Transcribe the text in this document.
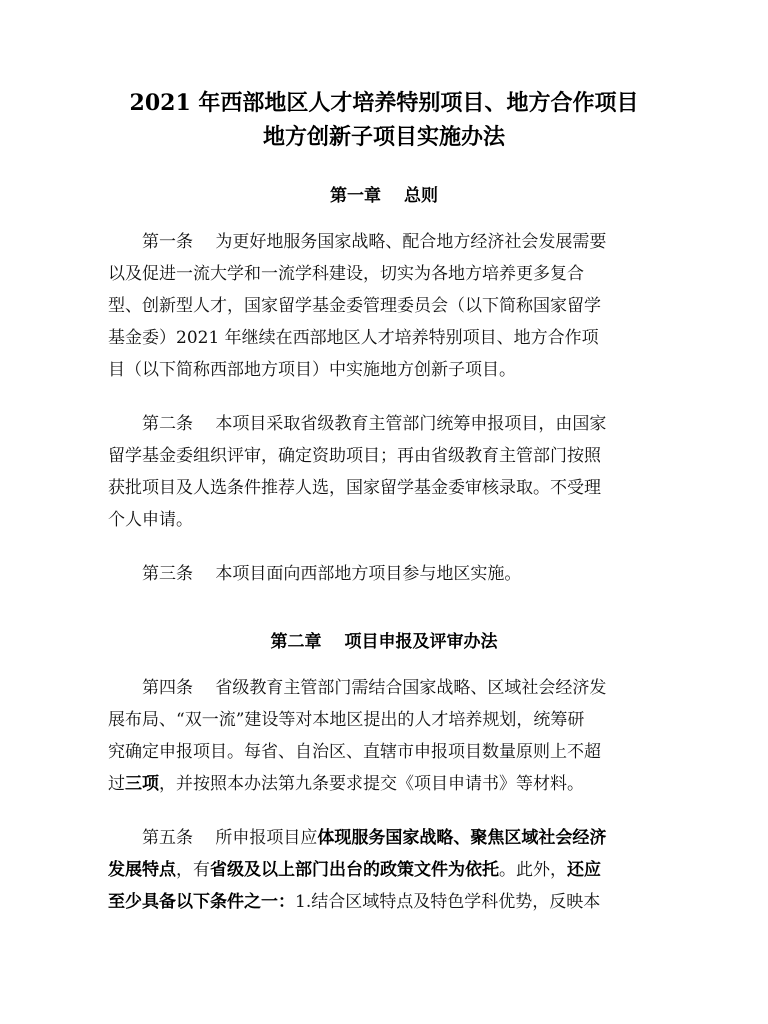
2021 年西部地区人才培养特别项目、地方合作项目
地方创新子项目实施办法
第一章　 总则
　　第一条　 为更好地服务国家战略、配合地方经济社会发展需要
以及促进一流大学和一流学科建设，切实为各地方培养更多复合
型、创新型人才，国家留学基金委管理委员会（以下简称国家留学
基金委）2021 年继续在西部地区人才培养特别项目、地方合作项
目（以下简称西部地方项目）中实施地方创新子项目。
　　第二条　 本项目采取省级教育主管部门统筹申报项目，由国家
留学基金委组织评审，确定资助项目；再由省级教育主管部门按照
获批项目及人选条件推荐人选，国家留学基金委审核录取。不受理
个人申请。
　　第三条　 本项目面向西部地方项目参与地区实施。
第二章　 项目申报及评审办法
　　第四条　 省级教育主管部门需结合国家战略、区域社会经济发
展布局、“双一流”建设等对本地区提出的人才培养规划，统筹研
究确定申报项目。每省、自治区、直辖市申报项目数量原则上不超
过三项，并按照本办法第九条要求提交《项目申请书》等材料。
　　第五条　 所申报项目应体现服务国家战略、聚焦区域社会经济
发展特点，有省级及以上部门出台的政策文件为依托。此外，还应
至少具备以下条件之一：1.结合区域特点及特色学科优势，反映本
